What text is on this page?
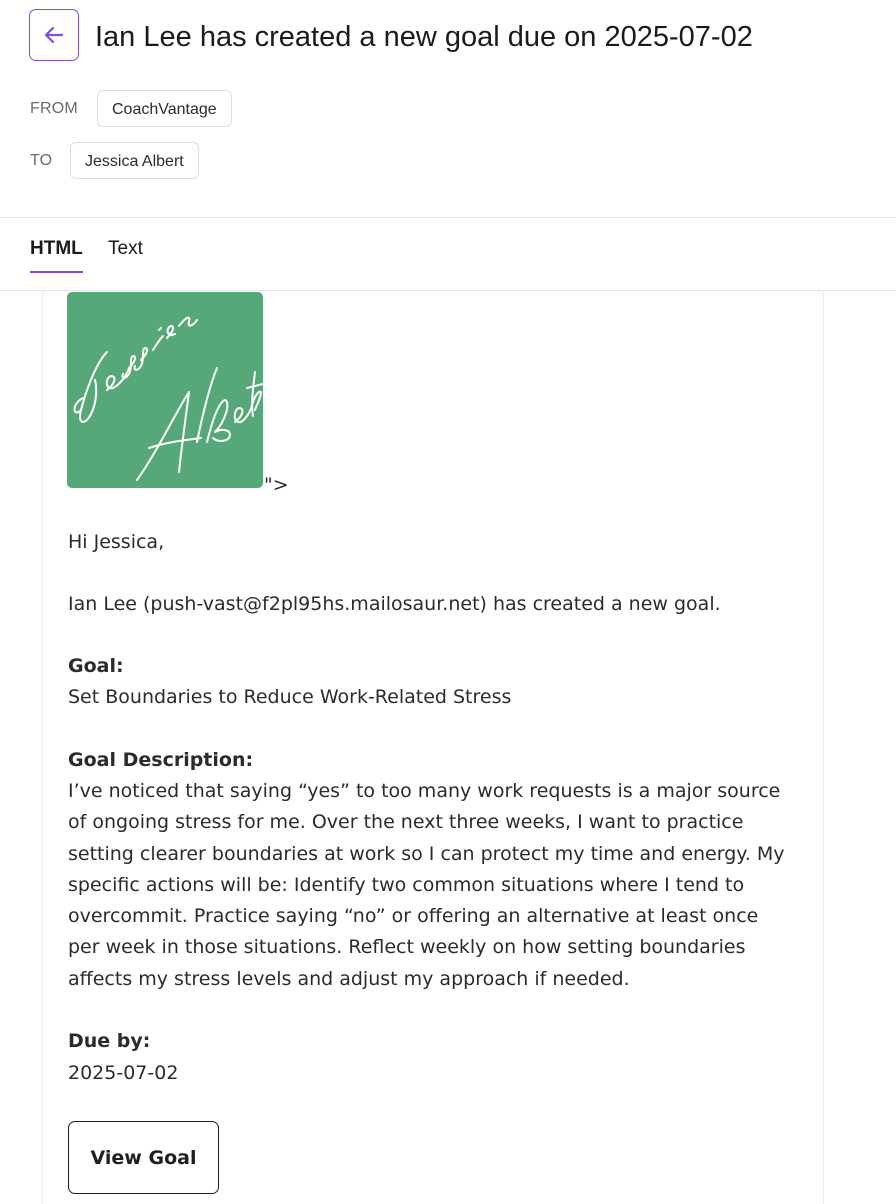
Ian Lee has created a new goal due on 2025-07-02
FROM	CoachVantage
TO	Jessica Albert
HTML Text
">
Hi Jessica,
Ian Lee (push-vast@f2pl95hs.mailosaur.net) has created a new goal.
Goal:
Set Boundaries to Reduce Work-Related Stress
Goal Description:
I’ve noticed that saying “yes” to too many work requests is a major source of ongoing stress for me. Over the next three weeks, I want to practice setting clearer boundaries at work so I can protect my time and energy. My specific actions will be: Identify two common situations where I tend to overcommit. Practice saying “no” or offering an alternative at least once per week in those situations. Reflect weekly on how setting boundaries affects my stress levels and adjust my approach if needed.
Due by:
2025-07-02
View Goal
